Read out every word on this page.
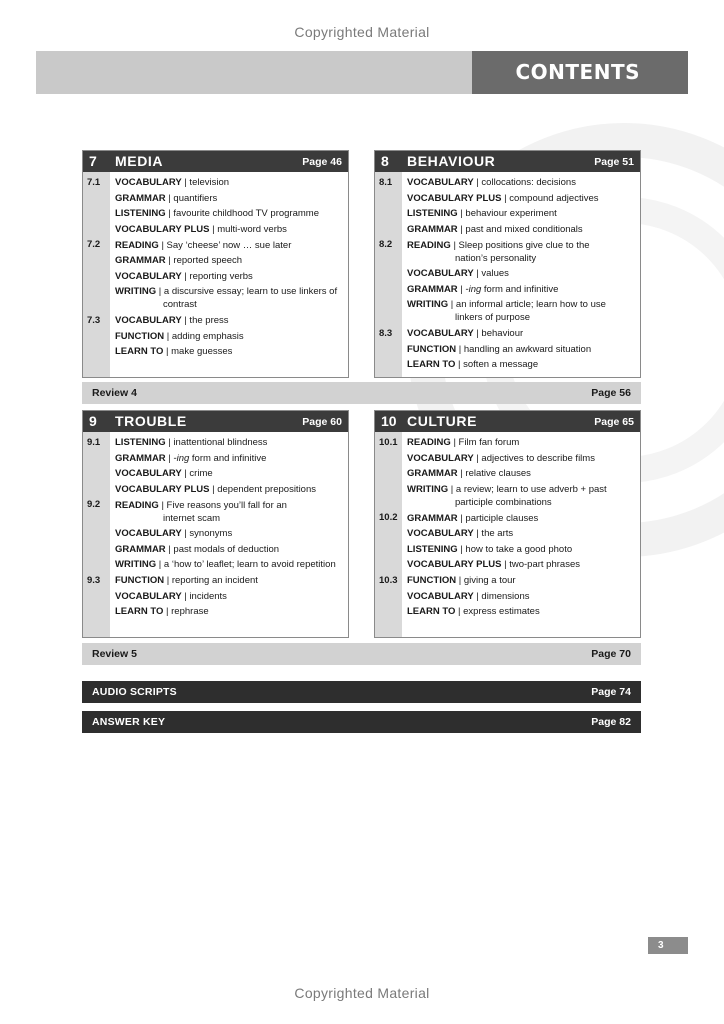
Copyrighted Material
CONTENTS
7 MEDIA	Page 46
7.1	VOCABULARY | television
GRAMMAR | quantifiers
LISTENING | favourite childhood TV programme
VOCABULARY PLUS | multi-word verbs
7.2	READING | Say ‘cheese’ now … sue later
GRAMMAR | reported speech
VOCABULARY | reporting verbs
WRITING | a discursive essay; learn to use linkers of
contrast
7.3	VOCABULARY | the press
FUNCTION | adding emphasis
LEARN TO | make guesses
8 BEHAVIOUR	Page 51
8.1	VOCABULARY | collocations: decisions
VOCABULARY PLUS | compound adjectives
LISTENING | behaviour experiment
GRAMMAR | past and mixed conditionals
8.2	READING | Sleep positions give clue to the
nation’s personality
VOCABULARY | values
GRAMMAR | -ing form and infinitive
WRITING | an informal article; learn how to use
linkers of purpose
8.3	VOCABULARY | behaviour
FUNCTION | handling an awkward situation
LEARN TO | soften a message
Review 4	Page 56
9 TROUBLE	Page 60
9.1	LISTENING | inattentional blindness
GRAMMAR | -ing form and infinitive
VOCABULARY | crime
VOCABULARY PLUS | dependent prepositions
9.2	READING | Five reasons you’ll fall for an
internet scam
VOCABULARY | synonyms
GRAMMAR | past modals of deduction
WRITING | a ‘how to’ leaflet; learn to avoid repetition
9.3	FUNCTION | reporting an incident
VOCABULARY | incidents
LEARN TO | rephrase
10 CULTURE	Page 65
10.1	READING | Film fan forum
VOCABULARY | adjectives to describe films
GRAMMAR | relative clauses
WRITING | a review; learn to use adverb + past
participle combinations
10.2	GRAMMAR | participle clauses
VOCABULARY | the arts
LISTENING | how to take a good photo
VOCABULARY PLUS | two-part phrases
10.3	FUNCTION | giving a tour
VOCABULARY | dimensions
LEARN TO | express estimates
Review 5	Page 70
AUDIO SCRIPTS	Page 74
ANSWER KEY	Page 82
3
Copyrighted Material
